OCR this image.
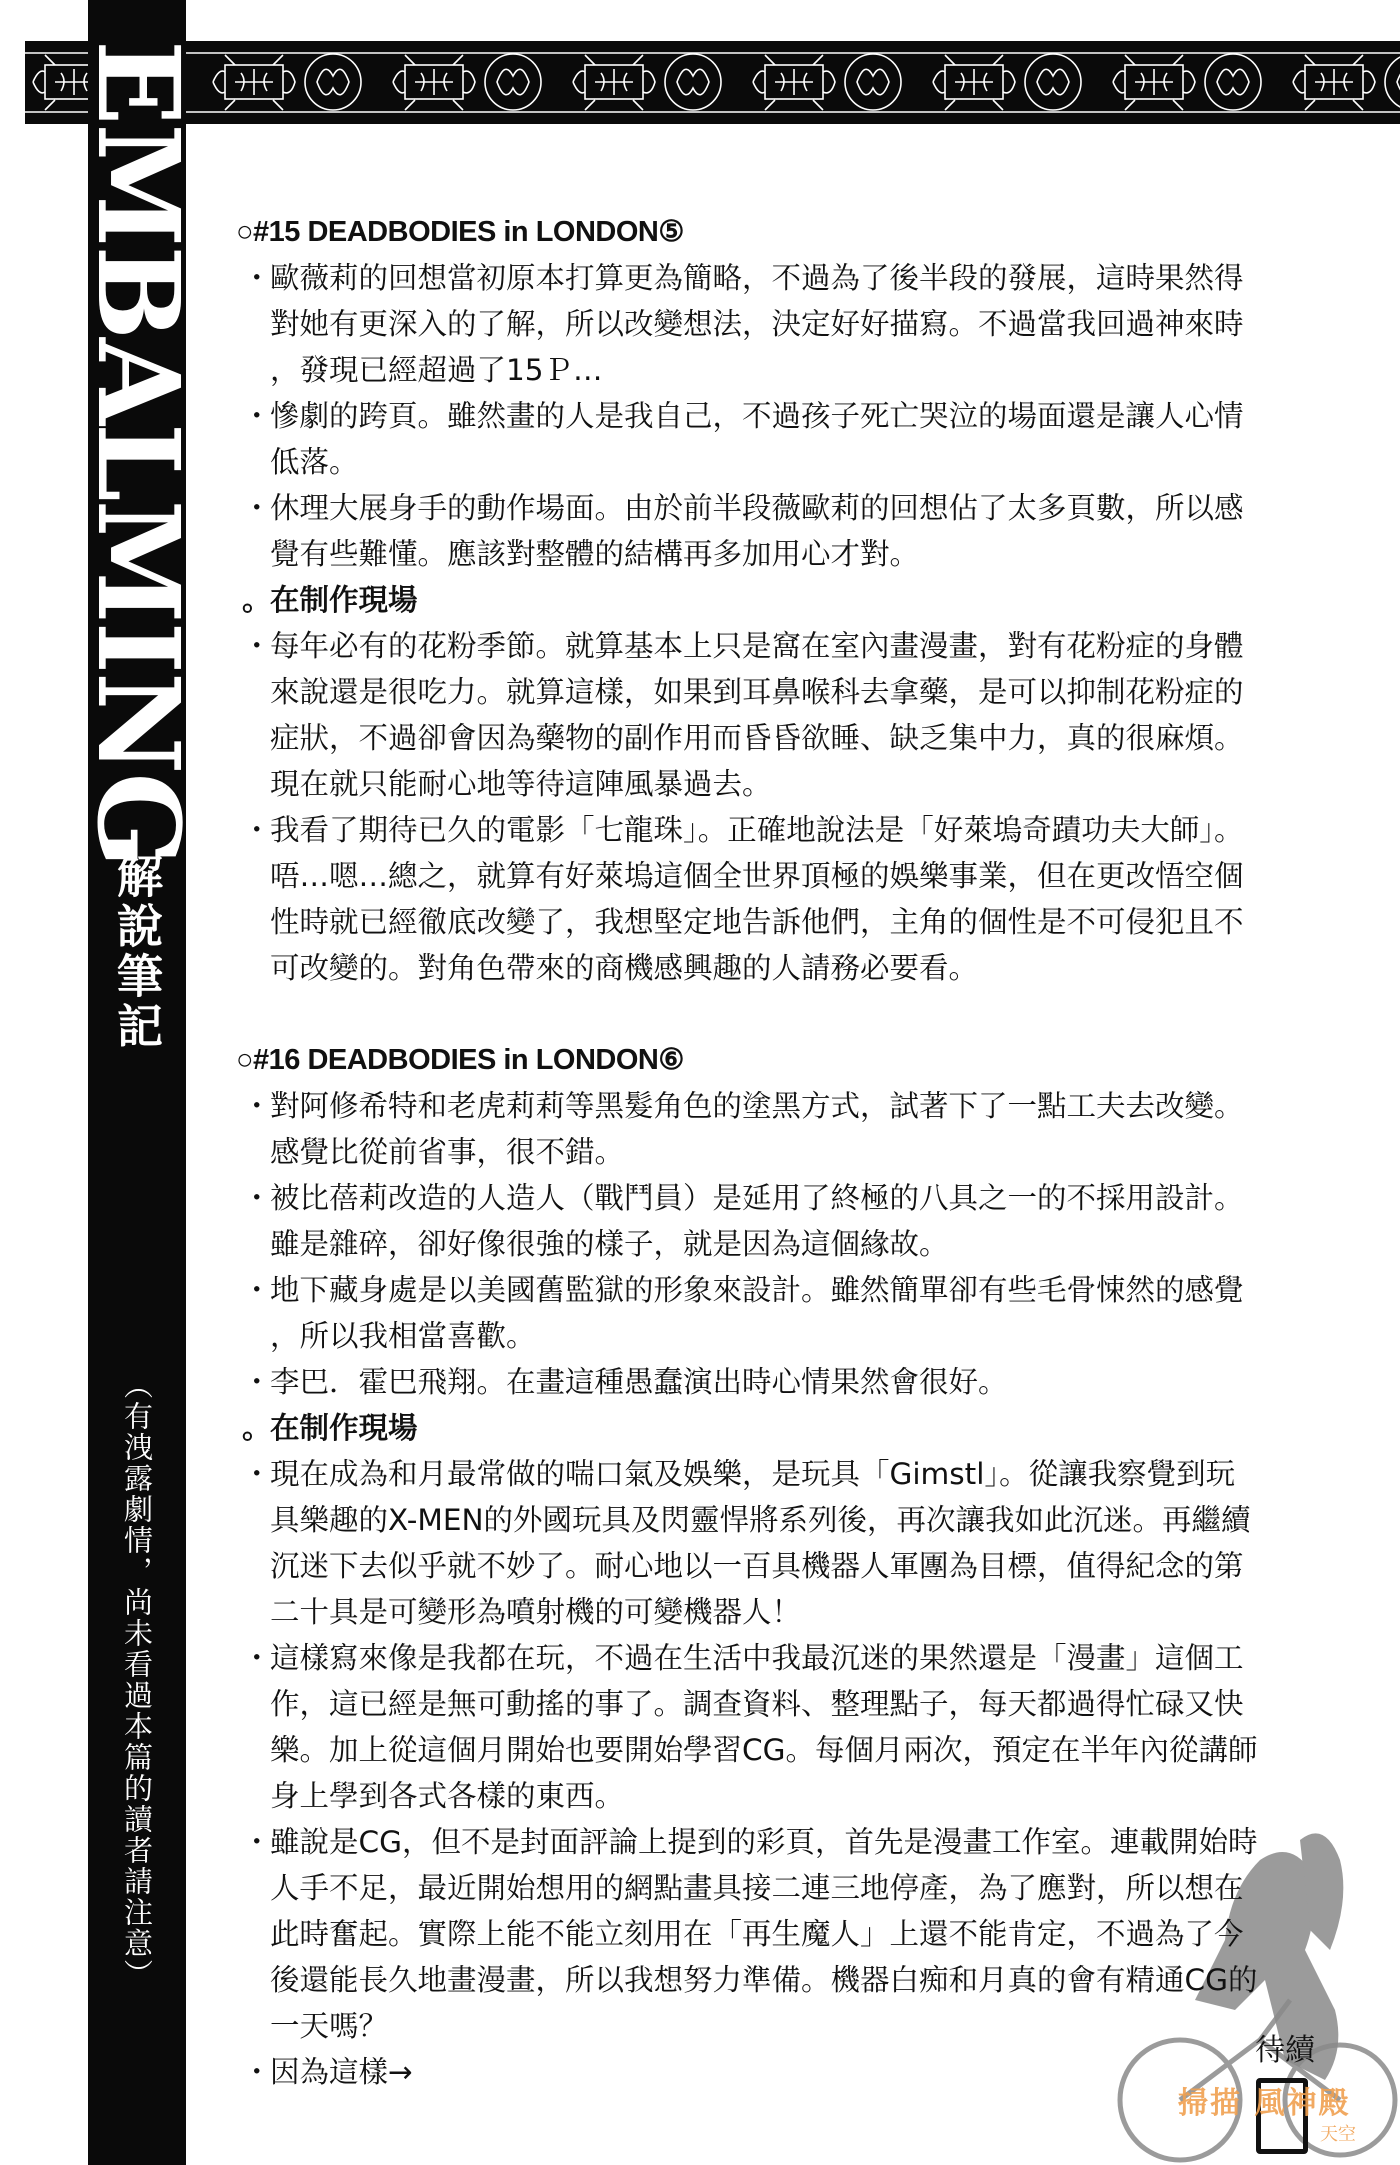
EMBALMING
解說筆記
（有洩露劇情，尚未看過本篇的讀者請注意）
○#15 DEADBODIES in LONDON⑤
・
歐薇莉的回想當初原本打算更為簡略，不過為了後半段的發展，這時果然得
對她有更深入的了解，所以改變想法，決定好好描寫。不過當我回過神來時
，發現已經超過了15Ｐ…
・
慘劇的跨頁。雖然畫的人是我自己，不過孩子死亡哭泣的場面還是讓人心情
低落。
・
休理大展身手的動作場面。由於前半段薇歐莉的回想佔了太多頁數，所以感
覺有些難懂。應該對整體的結構再多加用心才對。
。
在制作現場
・
每年必有的花粉季節。就算基本上只是窩在室內畫漫畫，對有花粉症的身體
來說還是很吃力。就算這樣，如果到耳鼻喉科去拿藥，是可以抑制花粉症的
症狀，不過卻會因為藥物的副作用而昏昏欲睡、缺乏集中力，真的很麻煩。
現在就只能耐心地等待這陣風暴過去。
・
我看了期待已久的電影「七龍珠」。正確地說法是「好萊塢奇蹟功夫大師」。
唔…嗯…總之，就算有好萊塢這個全世界頂極的娛樂事業，但在更改悟空個
性時就已經徹底改變了，我想堅定地告訴他們，主角的個性是不可侵犯且不
可改變的。對角色帶來的商機感興趣的人請務必要看。
○#16 DEADBODIES in LONDON⑥
・
對阿修希特和老虎莉莉等黑髮角色的塗黑方式，試著下了一點工夫去改變。
感覺比從前省事，很不錯。
・
被比蓓莉改造的人造人（戰鬥員）是延用了終極的八具之一的不採用設計。
雖是雜碎，卻好像很強的樣子，就是因為這個緣故。
・
地下藏身處是以美國舊監獄的形象來設計。雖然簡單卻有些毛骨悚然的感覺
，所以我相當喜歡。
・
李巴．霍巴飛翔。在畫這種愚蠢演出時心情果然會很好。
。
在制作現場
・
現在成為和月最常做的喘口氣及娛樂，是玩具「Gimstl」。從讓我察覺到玩
具樂趣的X-MEN的外國玩具及閃靈悍將系列後，再次讓我如此沉迷。再繼續
沉迷下去似乎就不妙了。耐心地以一百具機器人軍團為目標，值得紀念的第
二十具是可變形為噴射機的可變機器人！
・
這樣寫來像是我都在玩，不過在生活中我最沉迷的果然還是「漫畫」這個工
作，這已經是無可動搖的事了。調查資料、整理點子，每天都過得忙碌又快
樂。加上從這個月開始也要開始學習CG。每個月兩次，預定在半年內從講師
身上學到各式各樣的東西。
・
雖說是CG，但不是封面評論上提到的彩頁，首先是漫畫工作室。連載開始時
人手不足，最近開始想用的網點畫具接二連三地停產，為了應對，所以想在
此時奮起。實際上能不能立刻用在「再生魔人」上還不能肯定，不過為了今
後還能長久地畫漫畫，所以我想努力準備。機器白痴和月真的會有精通CG的
一天嗎？
・
因為這樣→
待續
掃描 風神殿
天空
